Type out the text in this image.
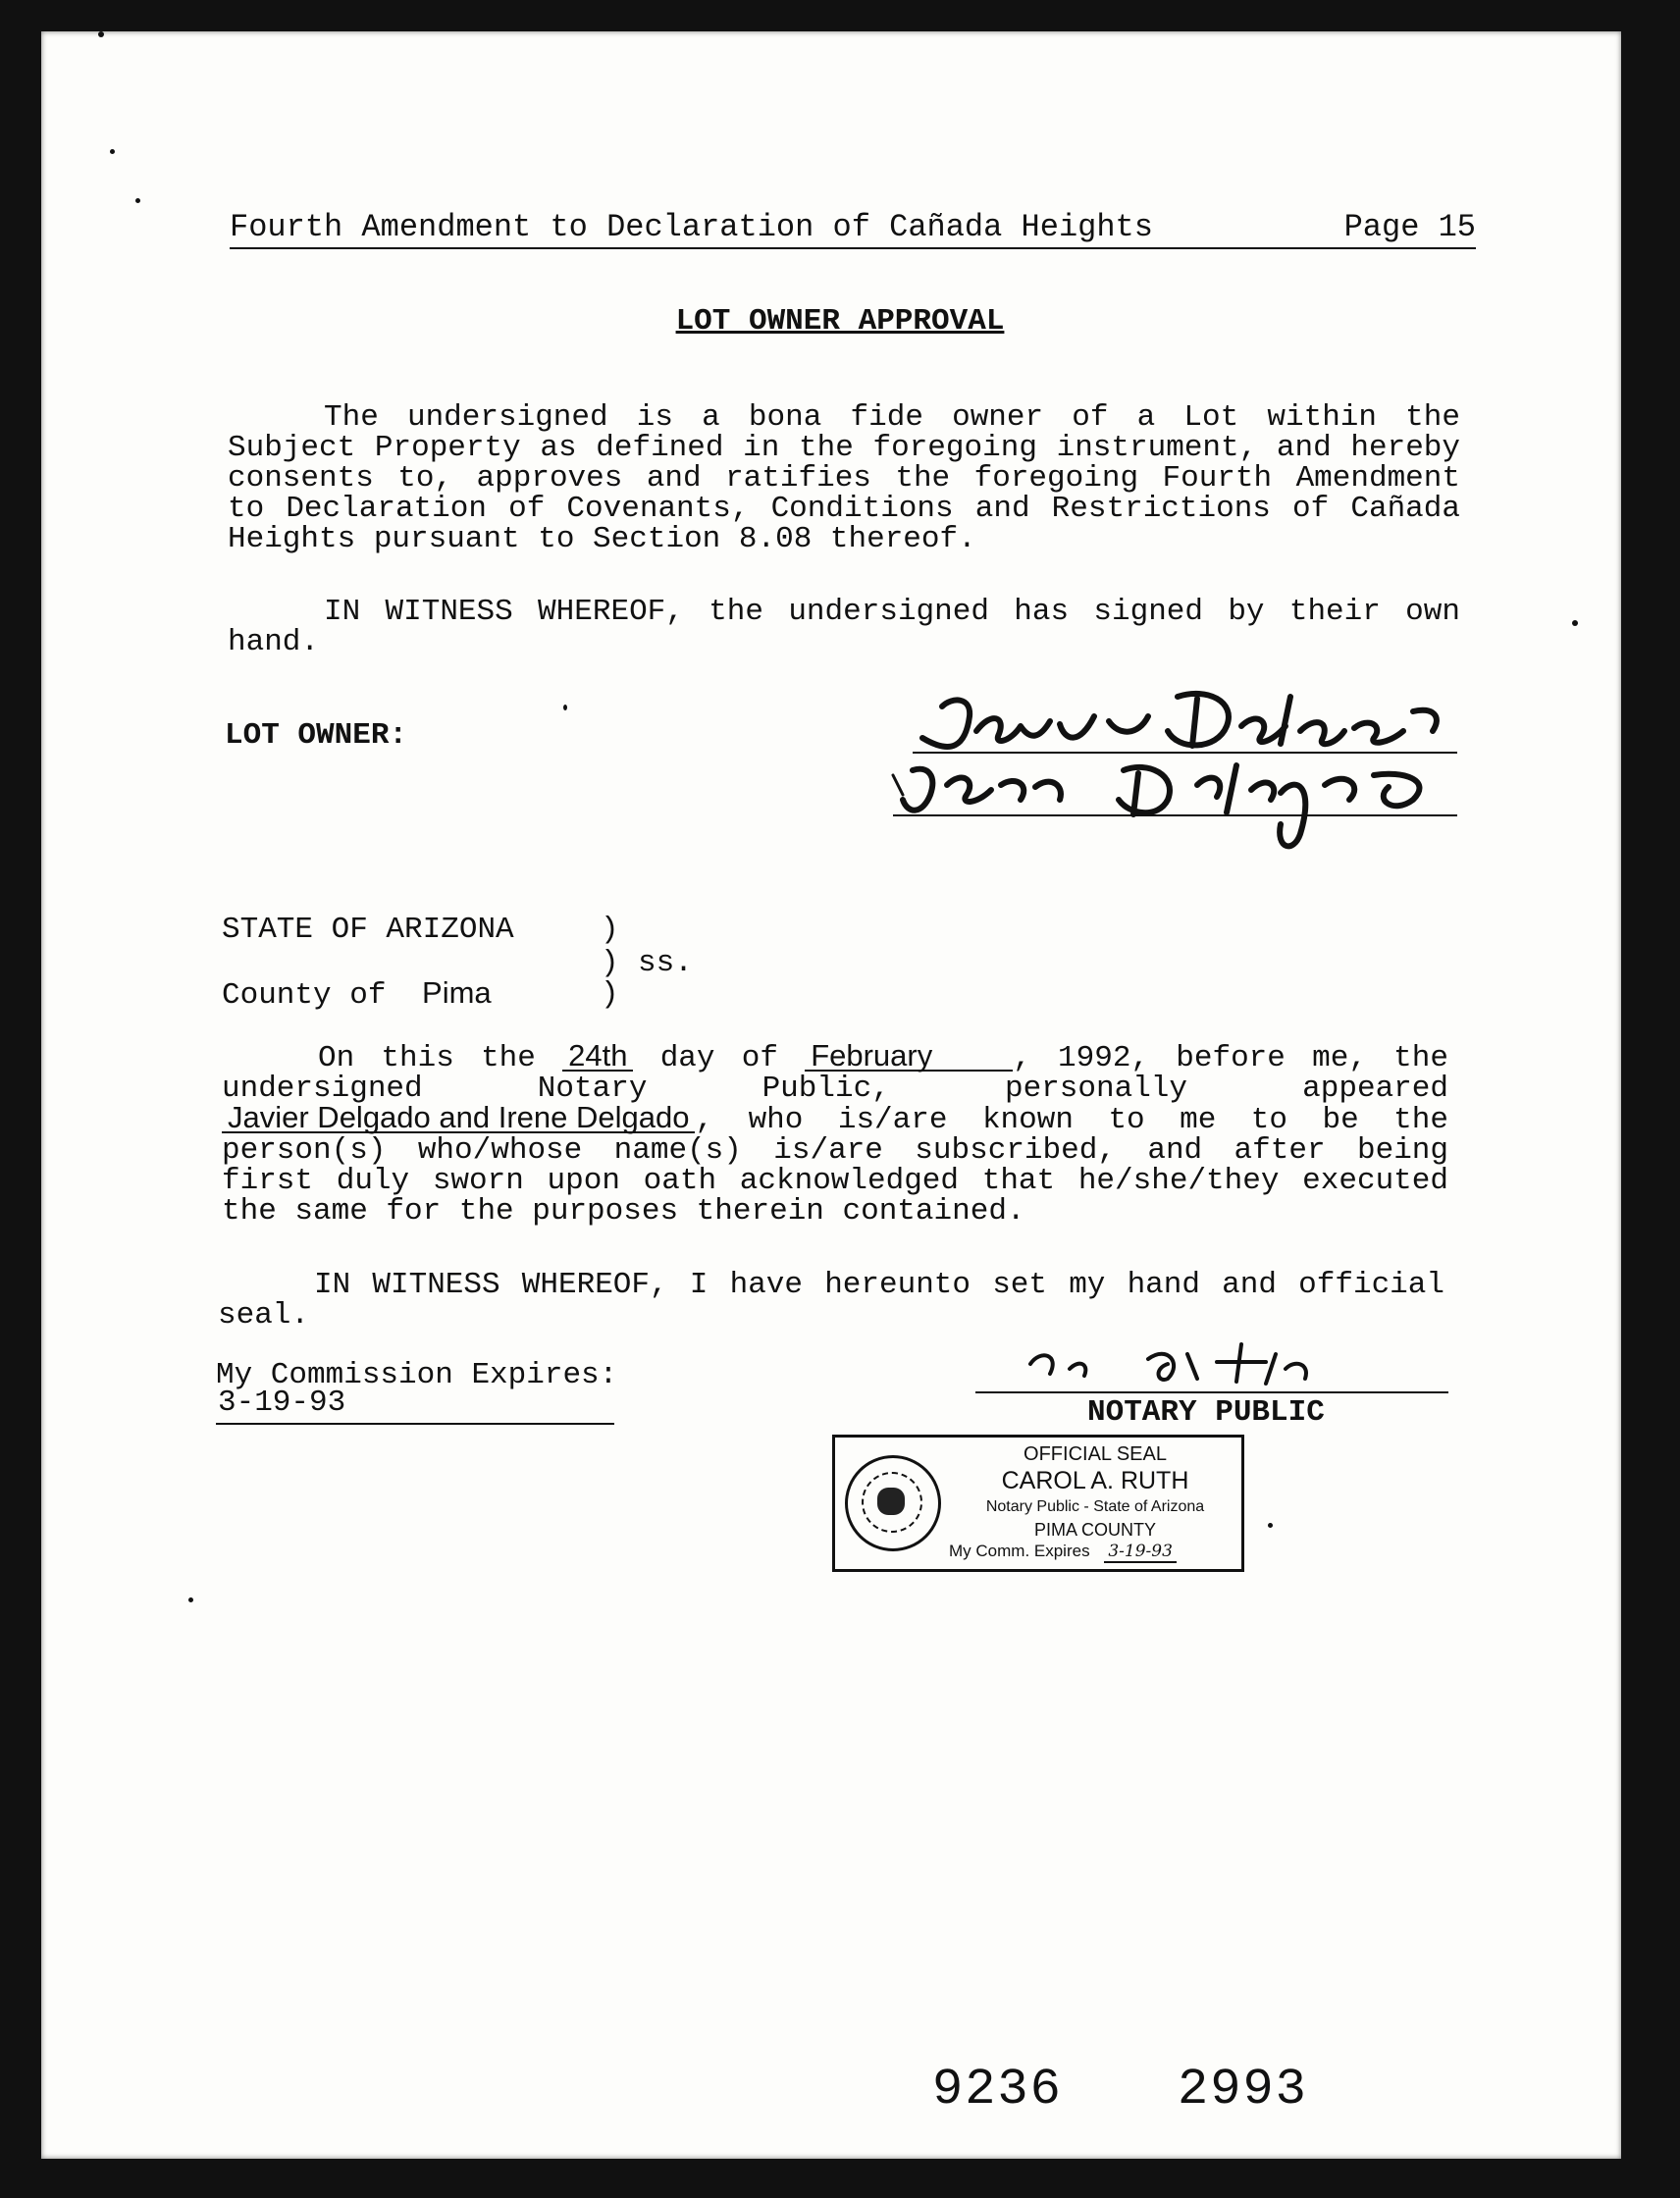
Fourth Amendment to Declaration of Cañada Heights	Page 15
LOT OWNER APPROVAL
The undersigned is a bona fide owner of a Lot within the Subject Property as defined in the foregoing instrument, and hereby consents to, approves and ratifies the foregoing Fourth Amendment to Declaration of Covenants, Conditions and Restrictions of Cañada Heights pursuant to Section 8.08 thereof.
IN WITNESS WHEREOF, the undersigned has signed by their own hand.
LOT OWNER:
STATE OF ARIZONA	)
) ss.
County of Pima	)
On this the 24th day of February	, 1992, before me, the undersigned Notary Public, personally appeared Javier Delgado and Irene Delgado , who is/are known to me to be the person(s) who/whose name(s) is/are subscribed, and after being first duly sworn upon oath acknowledged that he/she/they executed the same for the purposes therein contained.
IN WITNESS WHEREOF, I have hereunto set my hand and official seal.
My Commission Expires:
3-19-93	NOTARY PUBLIC
OFFICIAL SEAL
CAROL A. RUTH
Notary Public - State of Arizona
PIMA COUNTY
My Comm. Expires 3-19-93
9236 2993
